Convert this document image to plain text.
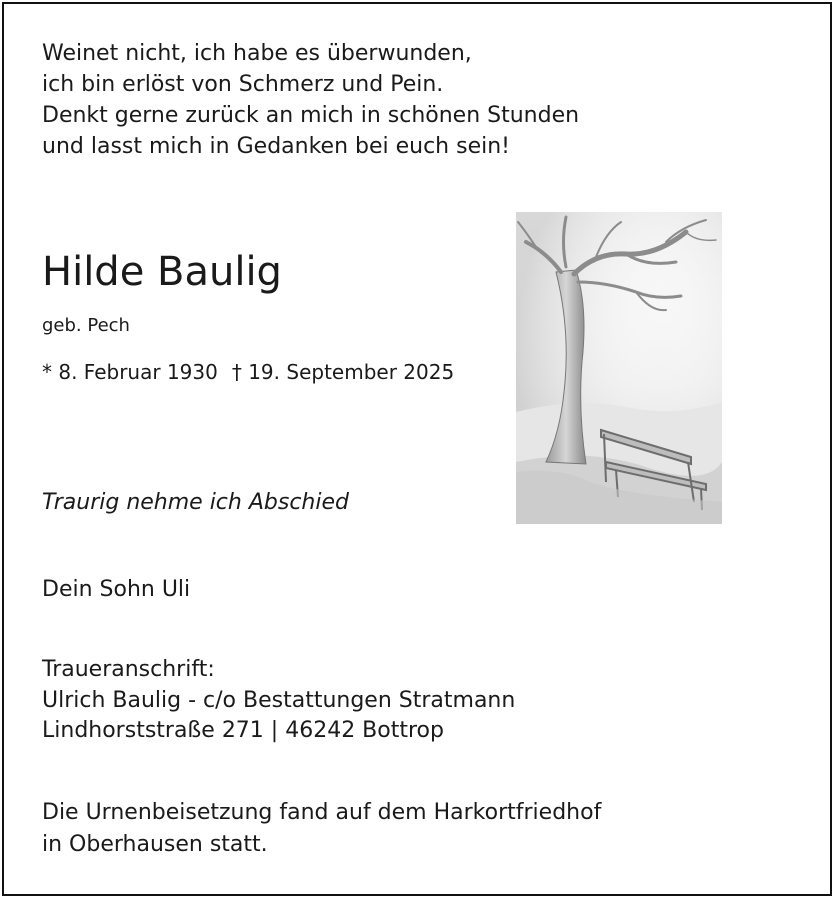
Weinet nicht, ich habe es überwunden,
ich bin erlöst von Schmerz und Pein.
Denkt gerne zurück an mich in schönen Stunden
und lasst mich in Gedanken bei euch sein!
Hilde Baulig
geb. Pech
* 8. Februar 1930 † 19. September 2025
Traurig nehme ich Abschied
Dein Sohn Uli
Traueranschrift:
Ulrich Baulig - c/o Bestattungen Stratmann
Lindhorststraße 271 | 46242 Bottrop
Die Urnenbeisetzung fand auf dem Harkortfriedhof
in Oberhausen statt.
